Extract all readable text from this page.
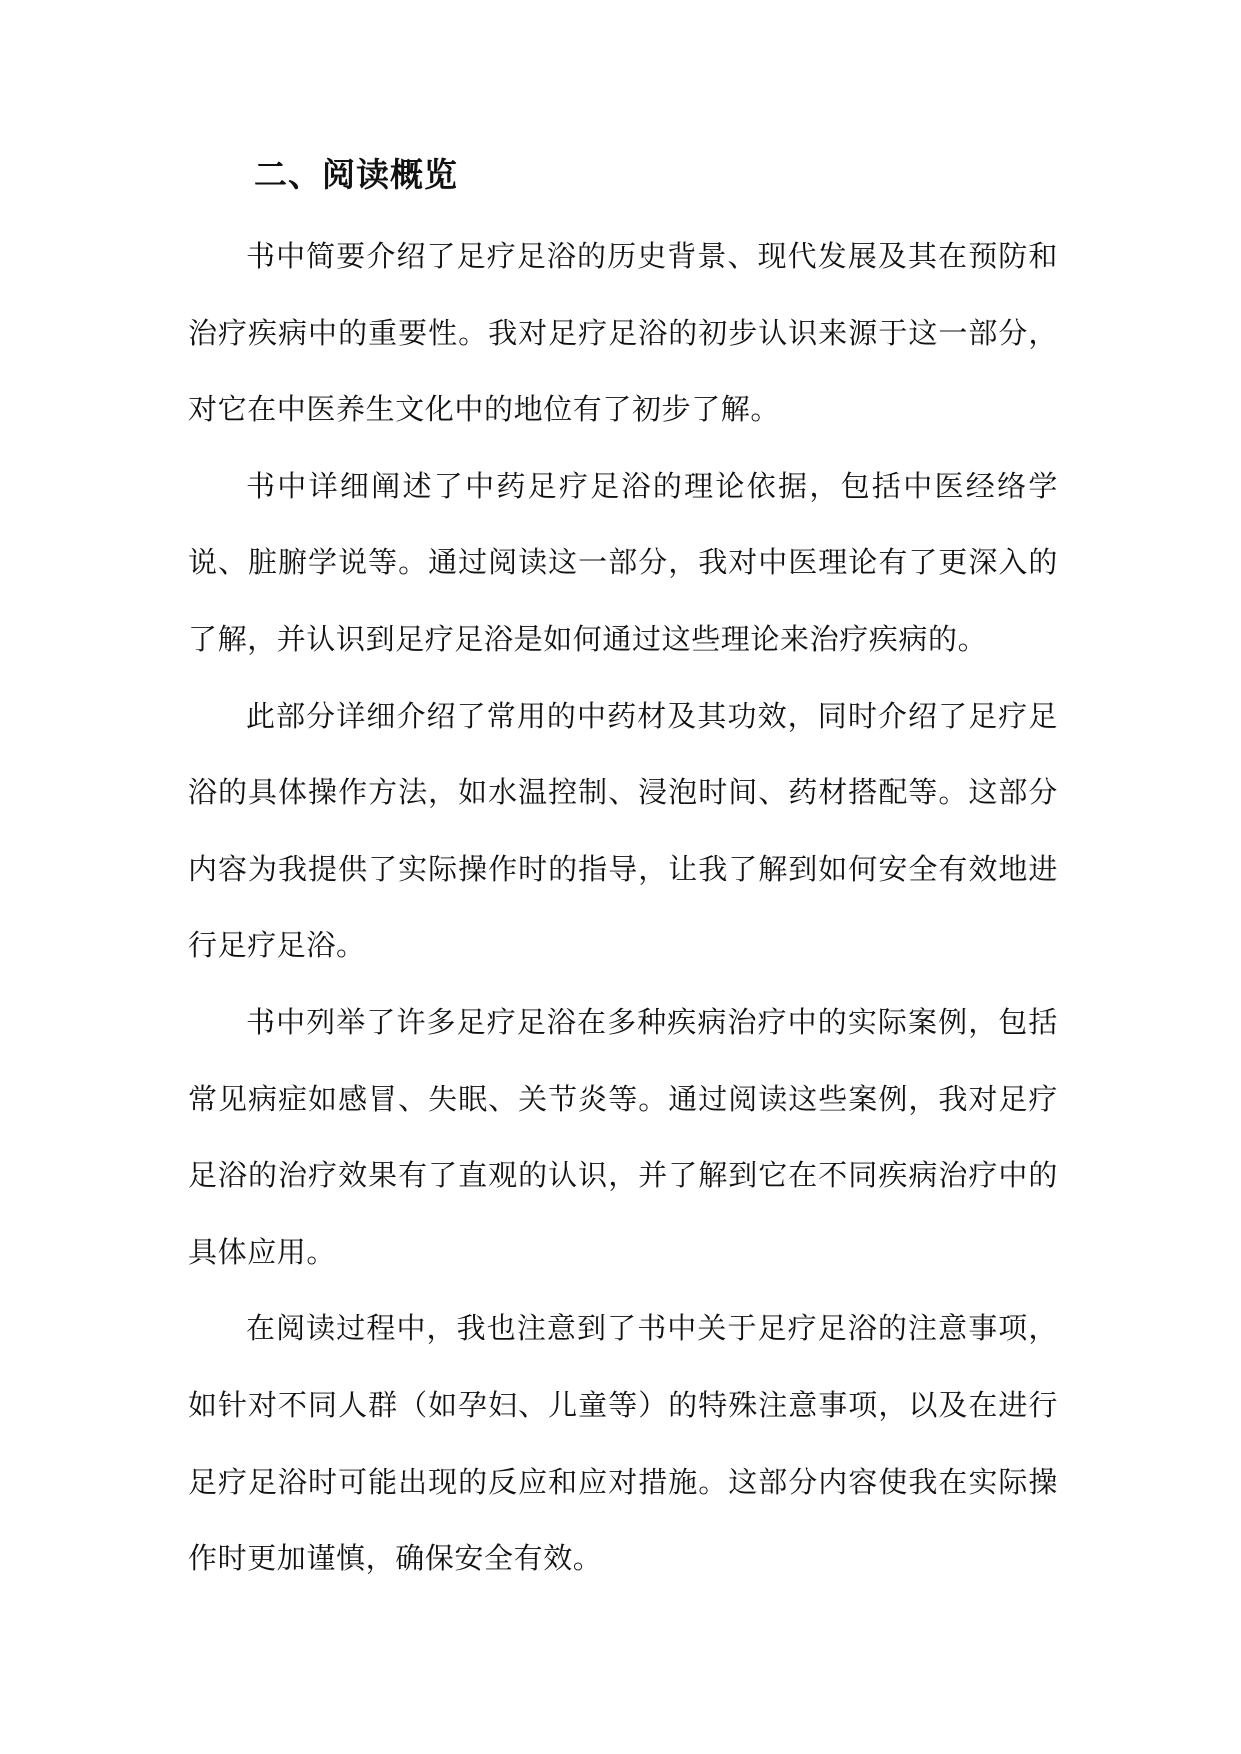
二、阅读概览

书中简要介绍了足疗足浴的历史背景、现代发展及其在预防和治疗疾病中的重要性。我对足疗足浴的初步认识来源于这一部分，对它在中医养生文化中的地位有了初步了解。

书中详细阐述了中药足疗足浴的理论依据，包括中医经络学说、脏腑学说等。通过阅读这一部分，我对中医理论有了更深入的了解，并认识到足疗足浴是如何通过这些理论来治疗疾病的。

此部分详细介绍了常用的中药材及其功效，同时介绍了足疗足浴的具体操作方法，如水温控制、浸泡时间、药材搭配等。这部分内容为我提供了实际操作时的指导，让我了解到如何安全有效地进行足疗足浴。

书中列举了许多足疗足浴在多种疾病治疗中的实际案例，包括常见病症如感冒、失眠、关节炎等。通过阅读这些案例，我对足疗足浴的治疗效果有了直观的认识，并了解到它在不同疾病治疗中的具体应用。

在阅读过程中，我也注意到了书中关于足疗足浴的注意事项，如针对不同人群（如孕妇、儿童等）的特殊注意事项，以及在进行足疗足浴时可能出现的反应和应对措施。这部分内容使我在实际操作时更加谨慎，确保安全有效。
